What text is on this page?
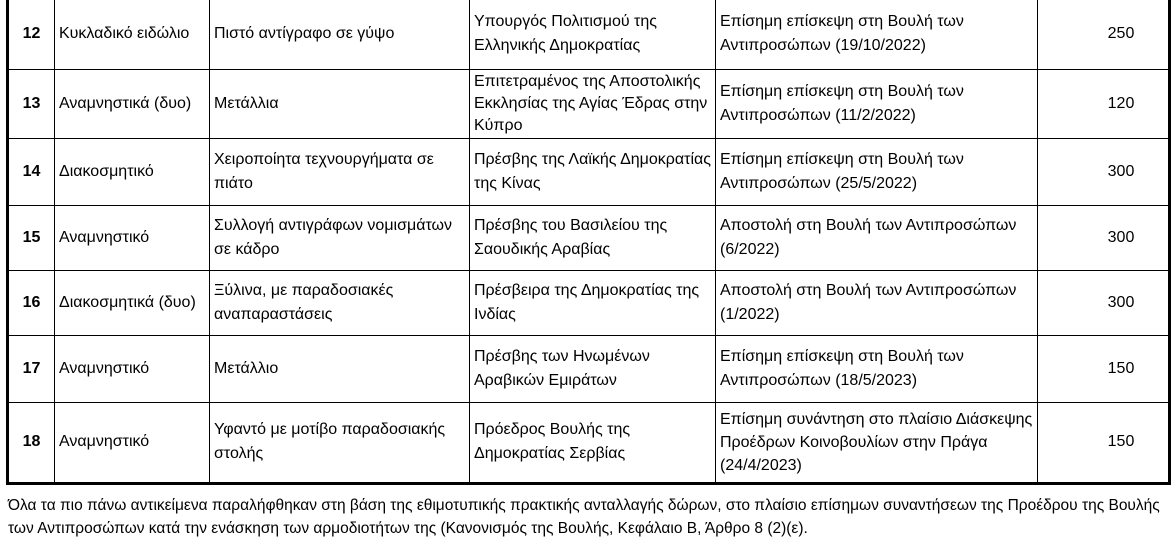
12	Κυκλαδικό ειδώλιο	Πιστό αντίγραφο σε γύψο	Υπουργός Πολιτισμού της Ελληνικής Δημοκρατίας	Επίσημη επίσκεψη στη Βουλή των Αντιπροσώπων (19/10/2022)	250
13	Αναμνηστικά (δυο)	Μετάλλια	Επιτετραμένος της Αποστολικής Εκκλησίας της Αγίας Έδρας στην Κύπρο	Επίσημη επίσκεψη στη Βουλή των Αντιπροσώπων (11/2/2022)	120
14	Διακοσμητικό	Χειροποίητα τεχνουργήματα σε πιάτο	Πρέσβης της Λαϊκής Δημοκρατίας της Κίνας	Επίσημη επίσκεψη στη Βουλή των Αντιπροσώπων (25/5/2022)	300
15	Αναμνηστικό	Συλλογή αντιγράφων νομισμάτων σε κάδρο	Πρέσβης του Βασιλείου της Σαουδικής Αραβίας	Αποστολή στη Βουλή των Αντιπροσώπων (6/2022)	300
16	Διακοσμητικά (δυο)	Ξύλινα, με παραδοσιακές αναπαραστάσεις	Πρέσβειρα της Δημοκρατίας της Ινδίας	Αποστολή στη Βουλή των Αντιπροσώπων (1/2022)	300
17	Αναμνηστικό	Μετάλλιο	Πρέσβης των Ηνωμένων Αραβικών Εμιράτων	Επίσημη επίσκεψη στη Βουλή των Αντιπροσώπων (18/5/2023)	150
18	Αναμνηστικό	Υφαντό με μοτίβο παραδοσιακής στολής	Πρόεδρος Βουλής της Δημοκρατίας Σερβίας	Επίσημη συνάντηση στο πλαίσιο Διάσκεψης Προέδρων Κοινοβουλίων στην Πράγα   (24/4/2023)	150

Όλα τα πιο πάνω αντικείμενα παραλήφθηκαν στη βάση της εθιμοτυπικής πρακτικής ανταλλαγής δώρων, στο πλαίσιο επίσημων συναντήσεων της Προέδρου της Βουλής των Αντιπροσώπων κατά την ενάσκηση των αρμοδιοτήτων της (Κανονισμός της Βουλής, Κεφάλαιο Β, Άρθρο 8 (2)(ε).
